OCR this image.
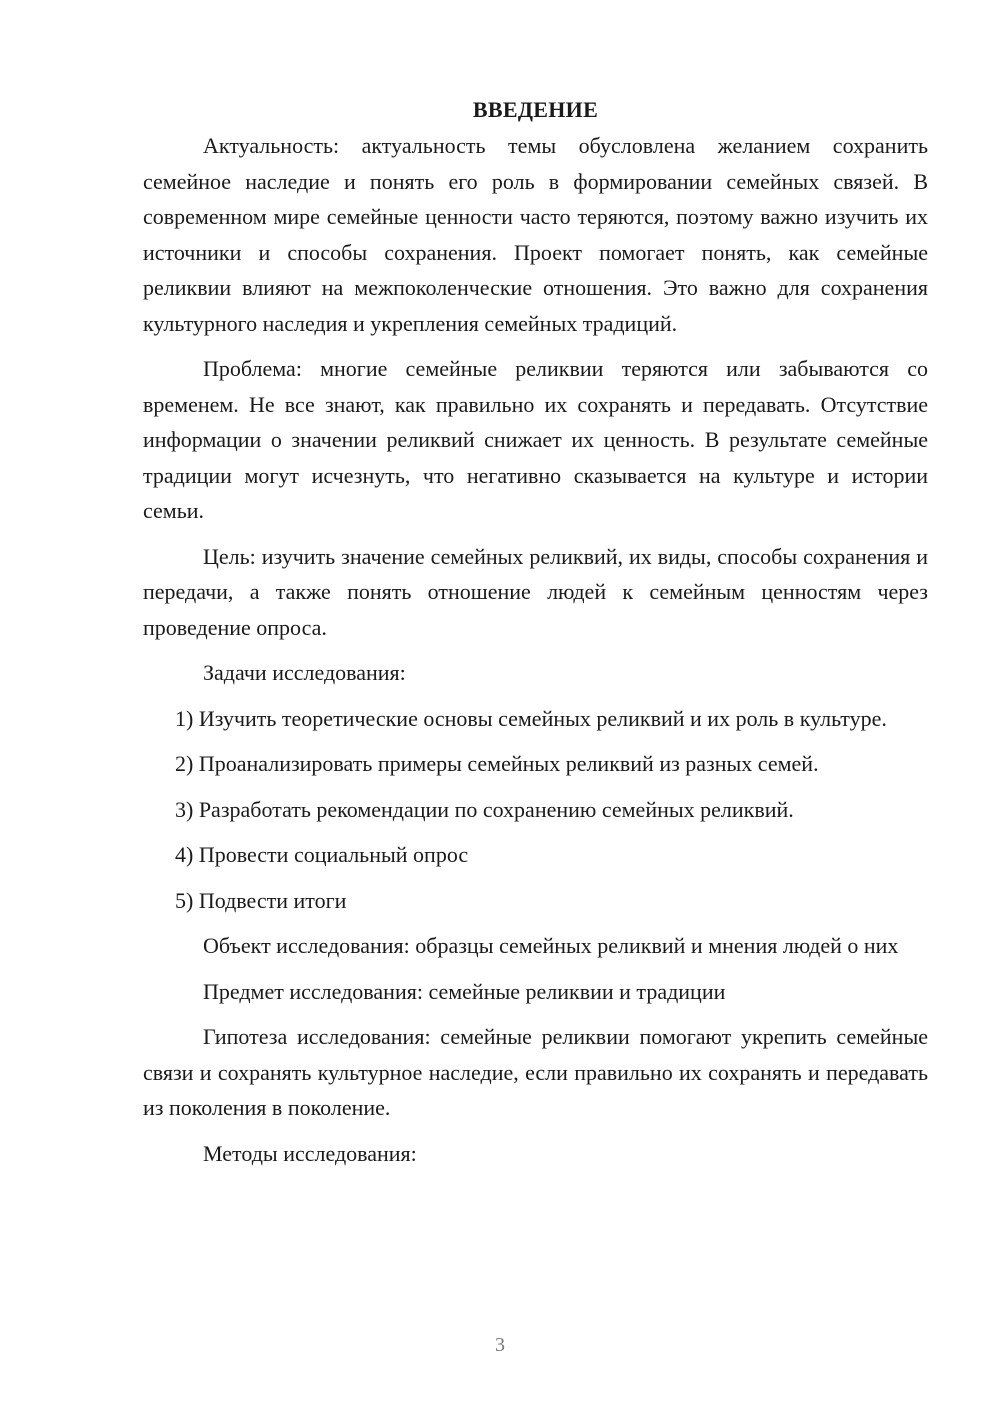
ВВЕДЕНИЕ

Актуальность: актуальность темы обусловлена желанием сохранить семейное наследие и понять его роль в формировании семейных связей. В современном мире семейные ценности часто теряются, поэтому важно изучить их источники и способы сохранения. Проект помогает понять, как семейные реликвии влияют на межпоколенческие отношения. Это важно для сохранения культурного наследия и укрепления семейных традиций.

Проблема: многие семейные реликвии теряются или забываются со временем. Не все знают, как правильно их сохранять и передавать. Отсутствие информации о значении реликвий снижает их ценность. В результате семейные традиции могут исчезнуть, что негативно сказывается на культуре и истории семьи.

Цель: изучить значение семейных реликвий, их виды, способы сохранения и передачи, а также понять отношение людей к семейным ценностям через проведение опроса.

Задачи исследования:

1) Изучить теоретические основы семейных реликвий и их роль в культуре.

2) Проанализировать примеры семейных реликвий из разных семей.

3) Разработать рекомендации по сохранению семейных реликвий.

4) Провести социальный опрос

5) Подвести итоги

Объект исследования: образцы семейных реликвий и мнения людей о них

Предмет исследования: семейные реликвии и традиции

Гипотеза исследования: семейные реликвии помогают укрепить семейные связи и сохранять культурное наследие, если правильно их сохранять и передавать из поколения в поколение.

Методы исследования:

3
